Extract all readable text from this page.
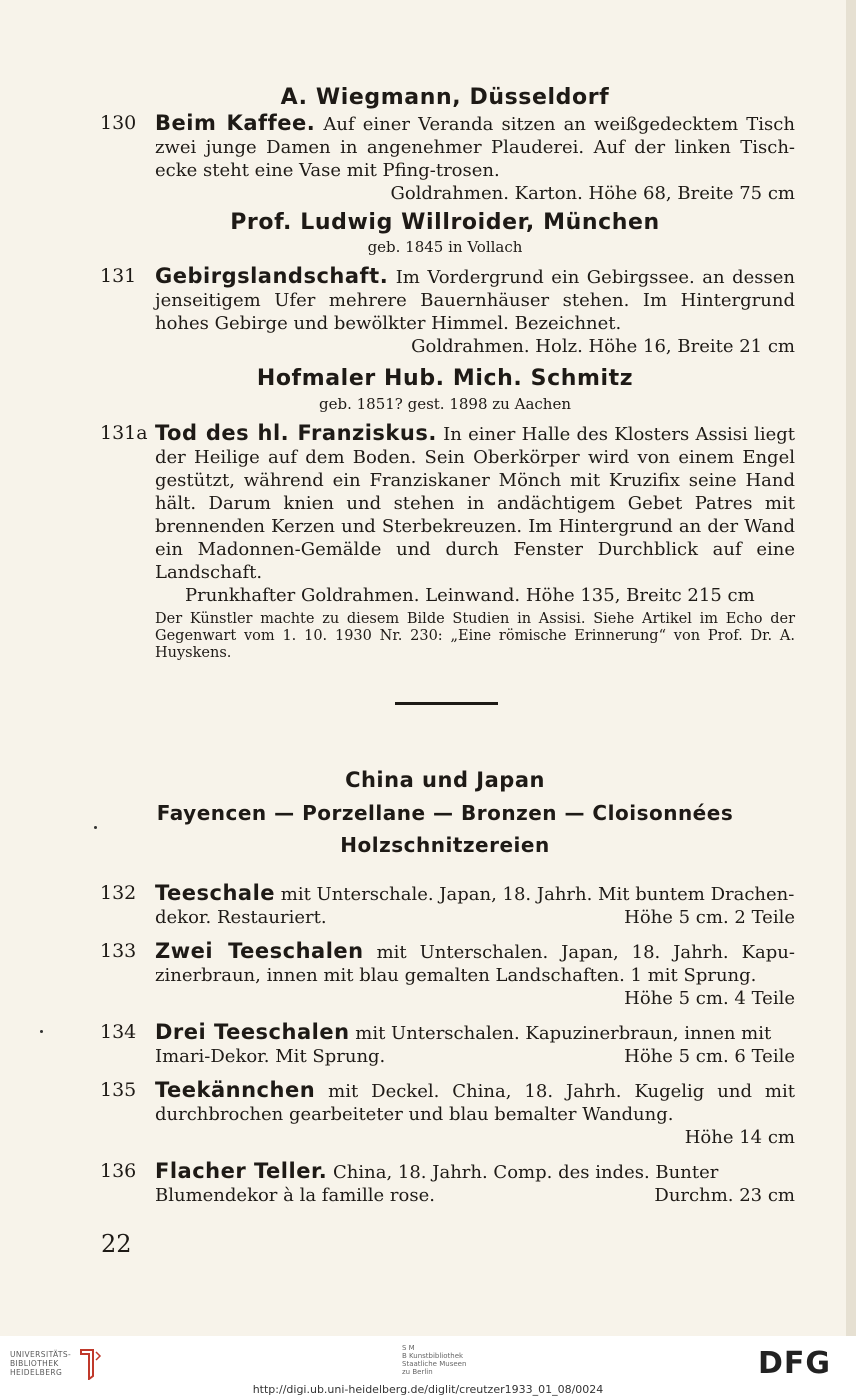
A. Wiegmann, Düsseldorf
130 Beim Kaffee. Auf einer Veranda sitzen an weißgedecktem Tisch zwei junge Damen in angenehmer Plauderei. Auf der linken Tisch-ecke steht eine Vase mit Pfing-trosen.
Goldrahmen. Karton. Höhe 68, Breite 75 cm
Prof. Ludwig Willroider, München
geb. 1845 in Vollach
131 Gebirgslandschaft. Im Vordergrund ein Gebirgssee. an dessen jenseitigem Ufer mehrere Bauernhäuser stehen. Im Hintergrund hohes Gebirge und bewölkter Himmel. Bezeichnet.
Goldrahmen. Holz. Höhe 16, Breite 21 cm
Hofmaler Hub. Mich. Schmitz
geb. 1851? gest. 1898 zu Aachen
131a Tod des hl. Franziskus. In einer Halle des Klosters Assisi liegt der Heilige auf dem Boden. Sein Oberkörper wird von einem Engel gestützt, während ein Franziskaner Mönch mit Kruzifix seine Hand hält. Darum knien und stehen in andächtigem Gebet Patres mit brennenden Kerzen und Sterbekreuzen. Im Hintergrund an der Wand ein Madonnen-Gemälde und durch Fenster Durchblick auf eine Landschaft.
Prunkhafter Goldrahmen. Leinwand. Höhe 135, Breitc 215 cm
Der Künstler machte zu diesem Bilde Studien in Assisi. Siehe Artikel im Echo der Gegenwart vom 1. 10. 1930 Nr. 230: „Eine römische Erinnerung“ von Prof. Dr. A. Huyskens.
China und Japan
Fayencen — Porzellane — Bronzen — Cloisonnées
Holzschnitzereien
132 Teeschale mit Unterschale. Japan, 18. Jahrh. Mit buntem Drachen-
dekor. Restauriert.	Höhe 5 cm. 2 Teile
133 Zwei Teeschalen mit Unterschalen. Japan, 18. Jahrh. Kapu-zinerbraun, innen mit blau gemalten Landschaften. 1 mit Sprung.
Höhe 5 cm. 4 Teile
134 Drei Teeschalen mit Unterschalen. Kapuzinerbraun, innen mit
Imari-Dekor. Mit Sprung.	Höhe 5 cm. 6 Teile
135 Teekännchen mit Deckel. China, 18. Jahrh. Kugelig und mit durchbrochen gearbeiteter und blau bemalter Wandung.
Höhe 14 cm
136 Flacher Teller. China, 18. Jahrh. Comp. des indes. Bunter
Blumendekor à la famille rose.	Durchm. 23 cm
22
UNIVERSITÄTS-
BIBLIOTHEK
HEIDELBERG
S M
B Kunstbibliothek
Staatliche Museen
zu Berlin	DFG
http://digi.ub.uni-heidelberg.de/diglit/creutzer1933_01_08/0024
